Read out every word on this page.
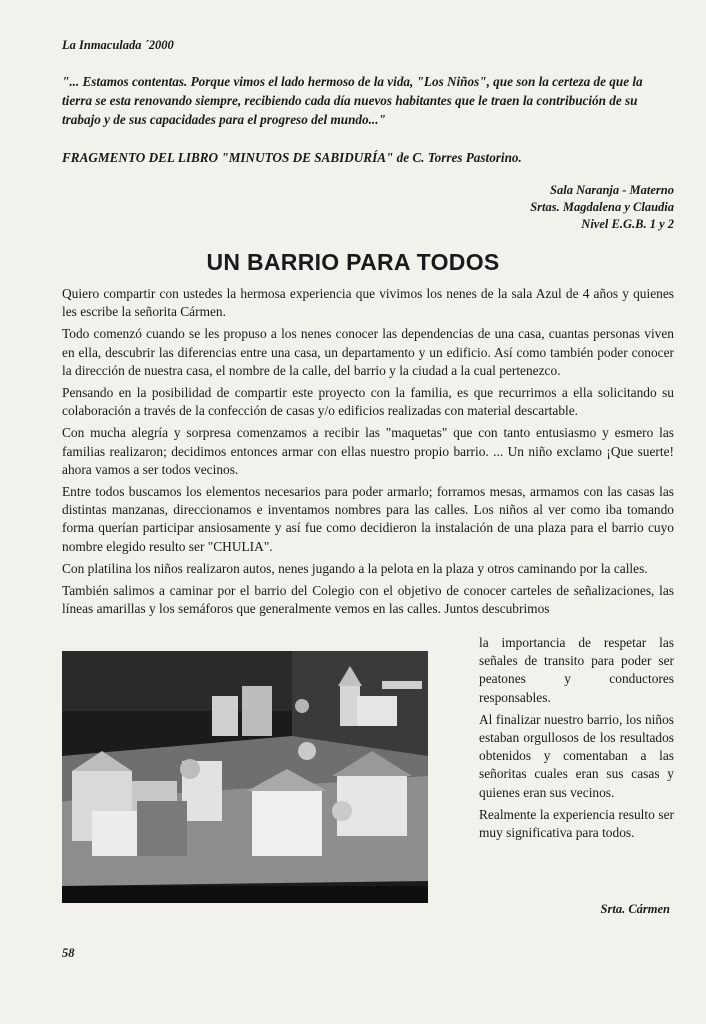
La Inmaculada ´2000
"... Estamos contentas. Porque vimos el lado hermoso de la vida, "Los Niños", que son la certeza de que la tierra se esta renovando siempre, recibiendo cada día nuevos habitantes que le traen la contribución de su trabajo y de sus capacidades para el progreso del mundo..."
FRAGMENTO DEL LIBRO "MINUTOS DE SABIDURÍA" de C. Torres Pastorino.
Sala Naranja - Materno
Srtas. Magdalena y Claudia
Nivel E.G.B. 1 y 2
UN BARRIO PARA TODOS

Quiero compartir con ustedes la hermosa experiencia que vivimos los nenes de la sala Azul de 4 años y quienes les escribe la señorita Cármen.

Todo comenzó cuando se les propuso a los nenes conocer las dependencias de una casa, cuantas personas viven en ella, descubrir las diferencias entre una casa, un departamento y un edificio. Así como también poder conocer la dirección de nuestra casa, el nombre de la calle, del barrio y la ciudad a la cual pertenezco.

Pensando en la posibilidad de compartir este proyecto con la familia, es que recurrimos a ella solicitando su colaboración a través de la confección de casas y/o edificios realizadas con material descartable.

Con mucha alegría y sorpresa comenzamos a recibir las "maquetas" que con tanto entusiasmo y esmero las familias realizaron; decidimos entonces armar con ellas nuestro propio barrio. ... Un niño exclamo ¡Que suerte! ahora vamos a ser todos vecinos.

Entre todos buscamos los elementos necesarios para poder armarlo; forramos mesas, armamos con las casas las distintas manzanas, direccionamos e inventamos nombres para las calles. Los niños al ver como iba tomando forma querían participar ansiosamente y así fue como decidieron la instalación de una plaza para el barrio cuyo nombre elegido resulto ser "CHULIA".

Con platilina los niños realizaron autos, nenes jugando a la pelota en la plaza y otros caminando por la calles.

También salimos a caminar por el barrio del Colegio con el objetivo de conocer carteles de señalizaciones, las líneas amarillas y los semáforos que generalmente vemos en las calles. Juntos descubrimos

la importancia de respetar las señales de transito para poder ser peatones y conductores responsables.

Al finalizar nuestro barrio, los niños estaban orgullosos de los resultados obtenidos y comentaban a las señoritas cuales eran sus casas y quienes eran sus vecinos.

Realmente la experiencia resulto ser muy significativa para todos.

Srta. Cármen
58
